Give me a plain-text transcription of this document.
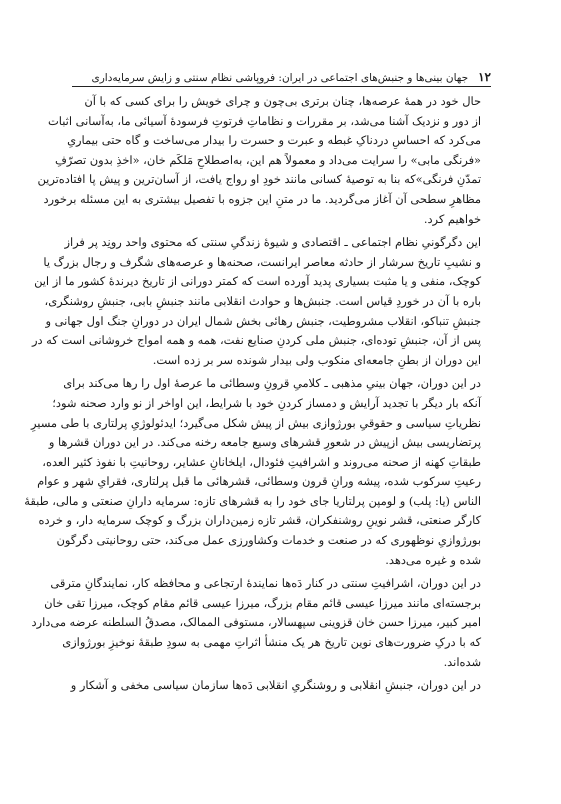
۱۲
جهان بینی‌ها و جنبش‌های اجتماعی در ایران: فروپاشی نظام سنتی و زایش سرمایه‌داری

حال خود در همهٔ عرصه‌ها، چنان برتری بی‌چون و چرای خویش را برای کسی که با آن
از دور و نزدیک آشنا می‌شد، بر مقررات و نظاماتِ فرتوتِ فرسودهٔ آسیائی ما، به‌آسانی اثبات
می‌کرد که احساسِ دردناکِ غبطه و عبرت و حسرت را بیدار می‌ساخت و گاه حتی بیماریِ
«فرنگی مابی» را سرایت می‌داد و معمولاً هم این، به‌اصطلاحِ مَلکَم خان، «اخذِ بدون تصرّفِ
تمدّنِ فرنگی»که بنا به توصیهٔ کسانی مانند خودِ او رواج یافت، از آسان‌ترین و پیش پا افتاده‌ترین
مظاهرِ سطحی آن آغاز می‌گردید. ما در متنِ این جزوه با تفصیل بیشتری به این مسئله برخورد
خواهیم کرد.

این دگرگونیِ نظام اجتماعی ـ اقتصادی و شیوهٔ زندگیِ سنتی که محتوی واحد رونِد پر فراز
و نشیبِ تاریخ سرشار از حادثه معاصر ایرانست، صحنه‌ها و عرصه‌های شگرف و رجال بزرگ یا
کوچک، منفی و یا مثبت بسیاری پدید آورده است که کمتر دورانی از تاریخ دیرندهٔ کشور ما از این
باره با آن در خوردِ قیاس است. جنبش‌ها و حوادث انقلابی مانند جنبشِ بابی، جنبشِ روشنگری،
جنبشِ تنباکو، انقلاب مشروطیت، جنبش رهائی بخش شمال ایران در دورانِ جنگ اول جهانی و
پس از آن، جنبشِ توده‌ای، جنبش ملی کردنِ صنایع نفت، همه و همه امواج خروشانی است که در
این دوران از بطنِ جامعه‌ای منکوب ولی بیدار شونده سر بر زده است.

در این دوران، جهان بینیِ مذهبی ـ کلامیِ قرونِ وسطائی ما عرصهٔ اول را رها می‌کند برای
آنکه بار دیگر با تجدید آرایش و دمساز کردنِ خود با شرایط، این اواخر از نو وارد صحنه شود؛
نظریاتِ سیاسی و حقوقیِ بورژوازی بیش از پیش شکل می‌گیرد؛ ایدئولوژیِ پرلتاری با طی مسیرِ
پرتضاریسی بیش ازپیش در شعورِ قشرهای وسیع جامعه رخنه می‌کند. در این دوران قشرها و
طبقاتِ کهنه از صحنه می‌روند و اشرافیتِ فئودال، ایلخانانِ عشایر، روحانیتِ با نفوذ کثیر العده،
رعیتِ سرکوب شده، پیشه ورانِ قرون وسطائی، قشرهائی ما قبل پرلتاری، فقرایِ شهر و عوام
الناس (یا: پلب) و لومپن پرلتاریا جای خود را به قشرهای تازه: سرمایه دارانِ صنعتی و مالی، طبقهٔ
کارگر صنعتی، قشر نوینِ روشنفکران، قشر تازه زمین‌داران بزرگ و کوچک سرمایه دار، و خرده
بورژوازیِ نوظهوری که در صنعت و خدمات وکشاورزی عمل می‌کند، حتی روحانیتی دگرگون
شده و غیره می‌دهد.

در این دوران، اشرافیتِ سنتی در کنار دَه‌ها نمایندهٔ ارتجاعی و محافظه کار، نمایندگانِ مترقی
برجسته‌ای مانند میرزا عیسی قائم مقام بزرگ، میرزا عیسی قائم مقام کوچک، میرزا تقی خان
امیر کبیر، میرزا حسن خان قزوینی سپهسالار، مستوفی الممالک، مصدقُ السلطنه عرضه می‌دارد
که با درکِ ضرورت‌های نوین تاریخ هر یک منشأ اثراتِ مهمی به سودِ طبقهٔ نوخیزِ بورژوازی
شده‌اند.

در این دوران، جنبشِ انقلابی و روشنگریِ انقلابی دَه‌ها سازمان سیاسی مخفی و آشکار و
